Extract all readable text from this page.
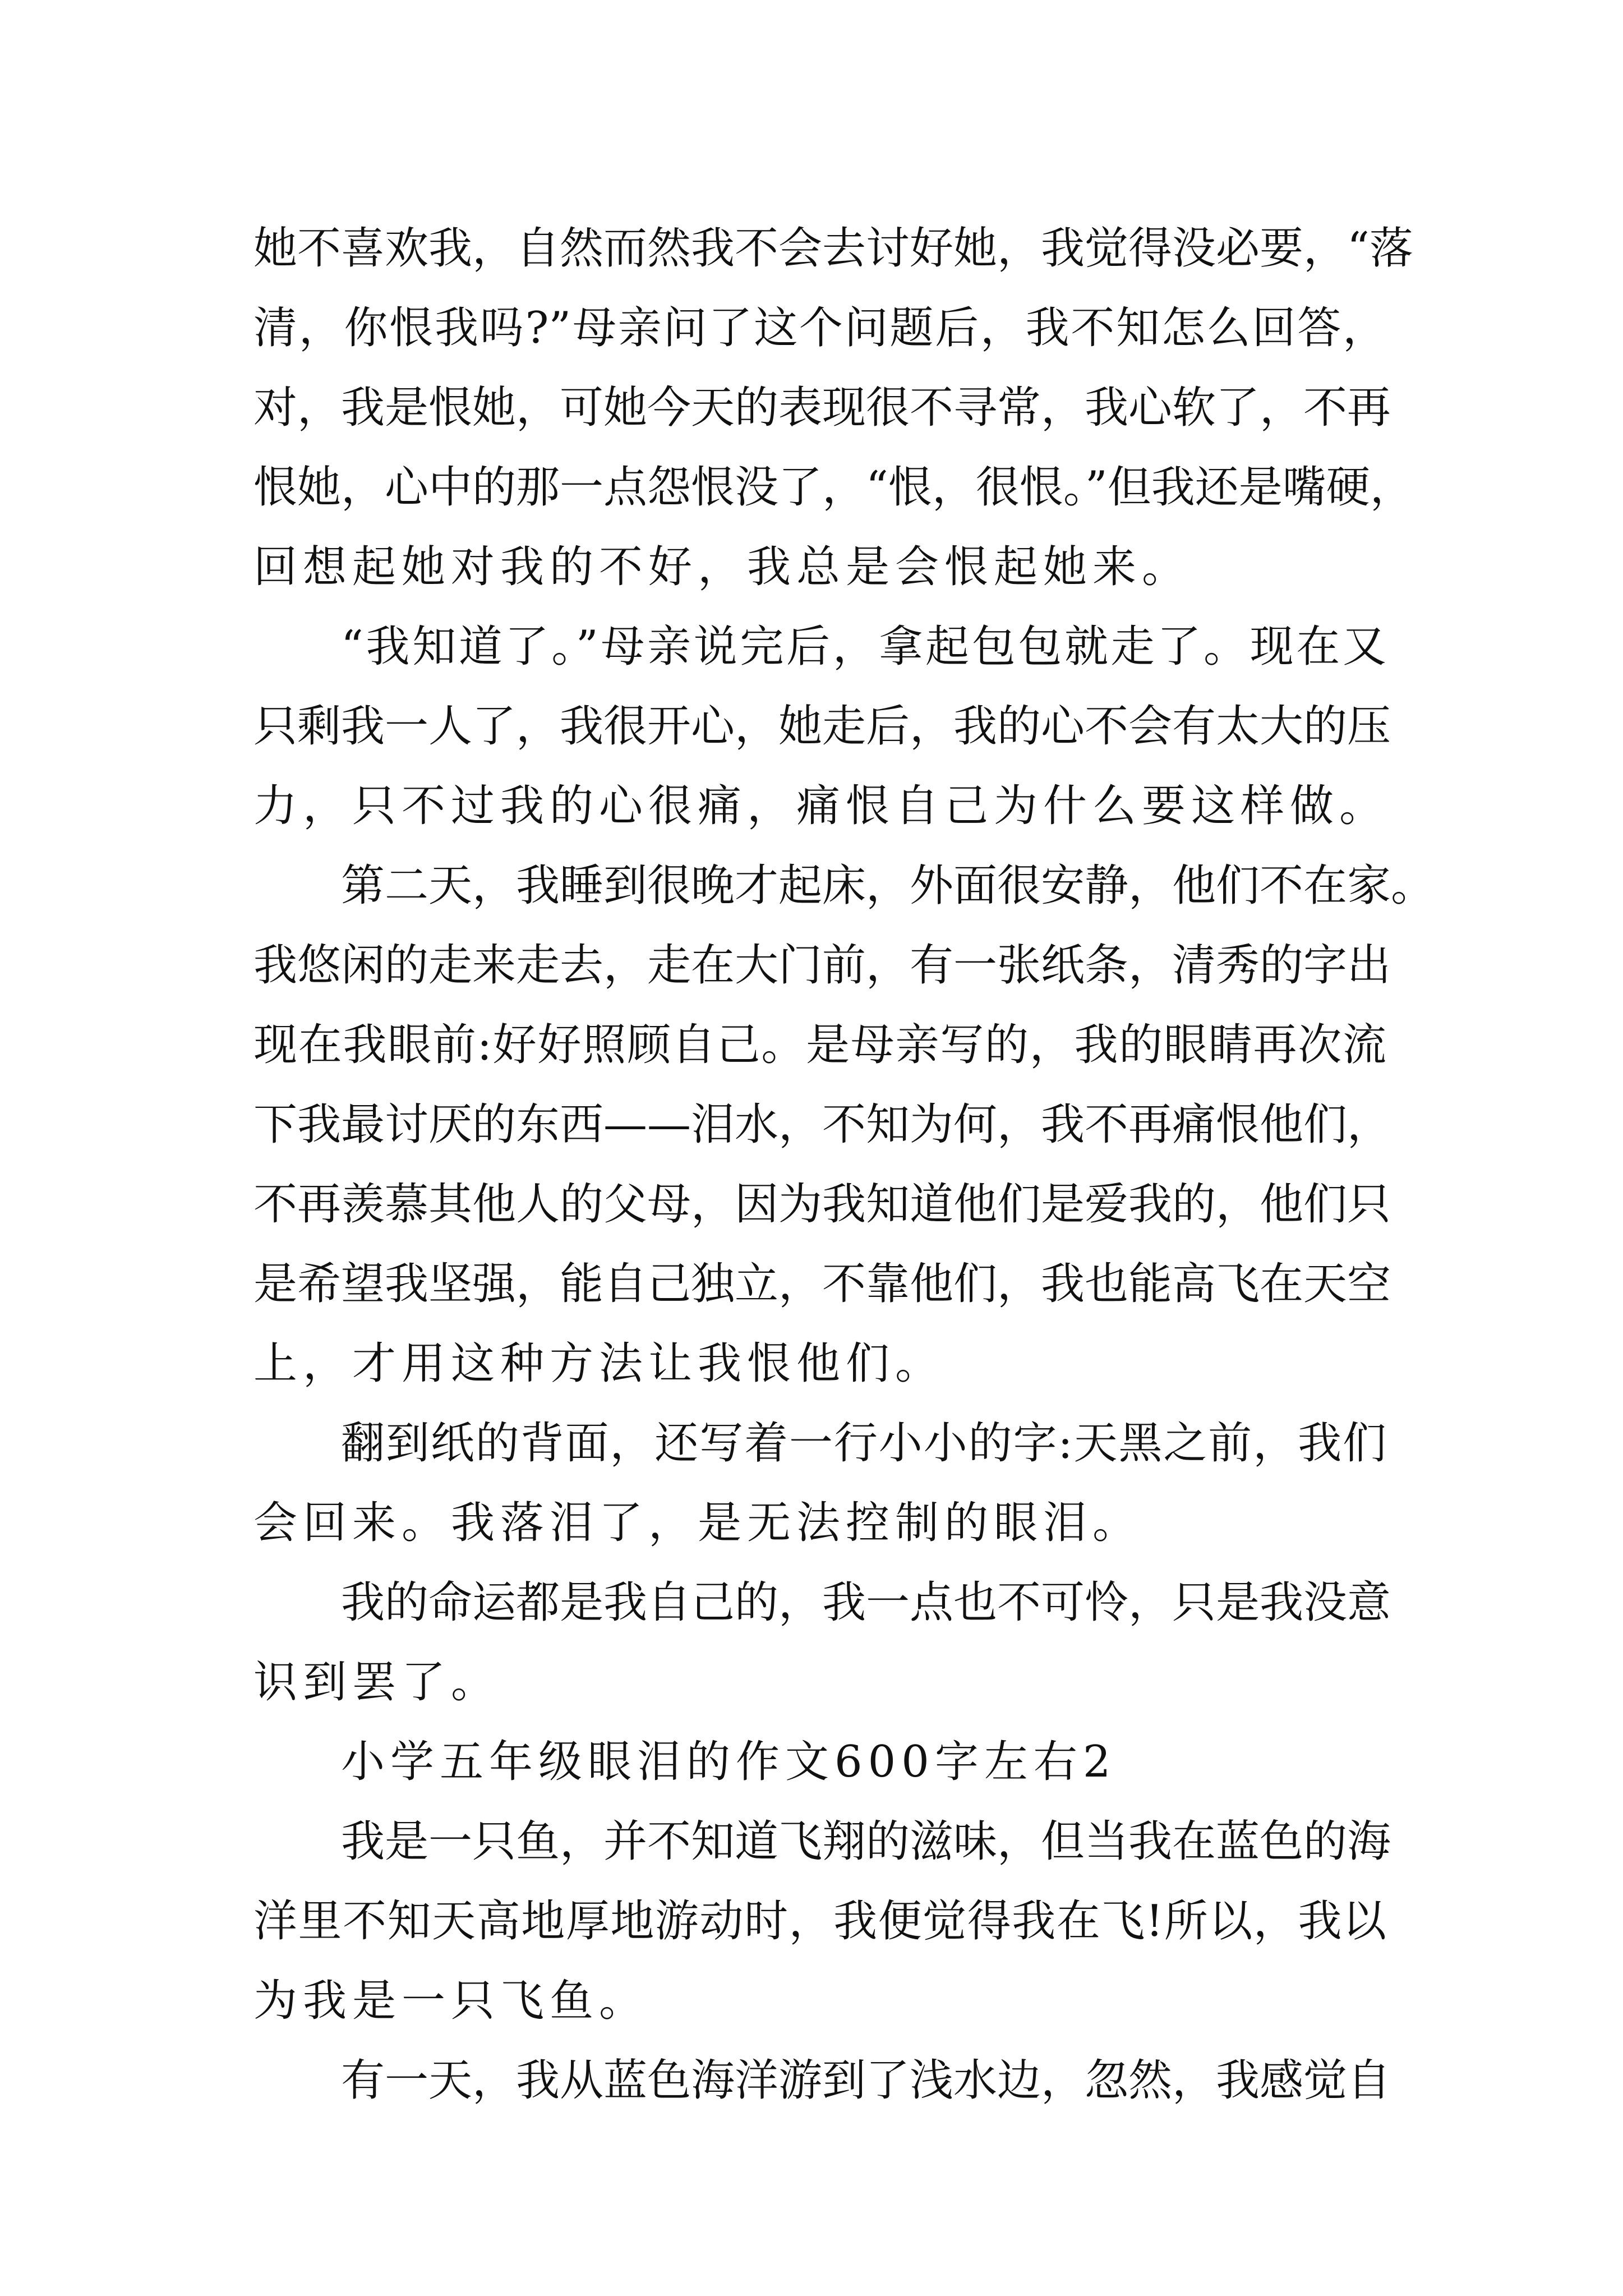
她不喜欢我，自然而然我不会去讨好她，我觉得没必要，“落
清，你恨我吗?”母亲问了这个问题后，我不知怎么回答，
对，我是恨她，可她今天的表现很不寻常，我心软了，不再
恨她，心中的那一点怨恨没了，“恨，很恨。”但我还是嘴硬，
回想起她对我的不好，我总是会恨起她来。
“我知道了。”母亲说完后，拿起包包就走了。现在又
只剩我一人了，我很开心，她走后，我的心不会有太大的压
力，只不过我的心很痛，痛恨自己为什么要这样做。
第二天，我睡到很晚才起床，外面很安静，他们不在家。
我悠闲的走来走去，走在大门前，有一张纸条，清秀的字出
现在我眼前:好好照顾自己。是母亲写的，我的眼睛再次流
下我最讨厌的东西——泪水，不知为何，我不再痛恨他们，
不再羡慕其他人的父母，因为我知道他们是爱我的，他们只
是希望我坚强，能自己独立，不靠他们，我也能高飞在天空
上，才用这种方法让我恨他们。
翻到纸的背面，还写着一行小小的字:天黑之前，我们
会回来。我落泪了，是无法控制的眼泪。
我的命运都是我自己的，我一点也不可怜，只是我没意
识到罢了。
小学五年级眼泪的作文600字左右2
我是一只鱼，并不知道飞翔的滋味，但当我在蓝色的海
洋里不知天高地厚地游动时，我便觉得我在飞!所以，我以
为我是一只飞鱼。
有一天，我从蓝色海洋游到了浅水边，忽然，我感觉自
